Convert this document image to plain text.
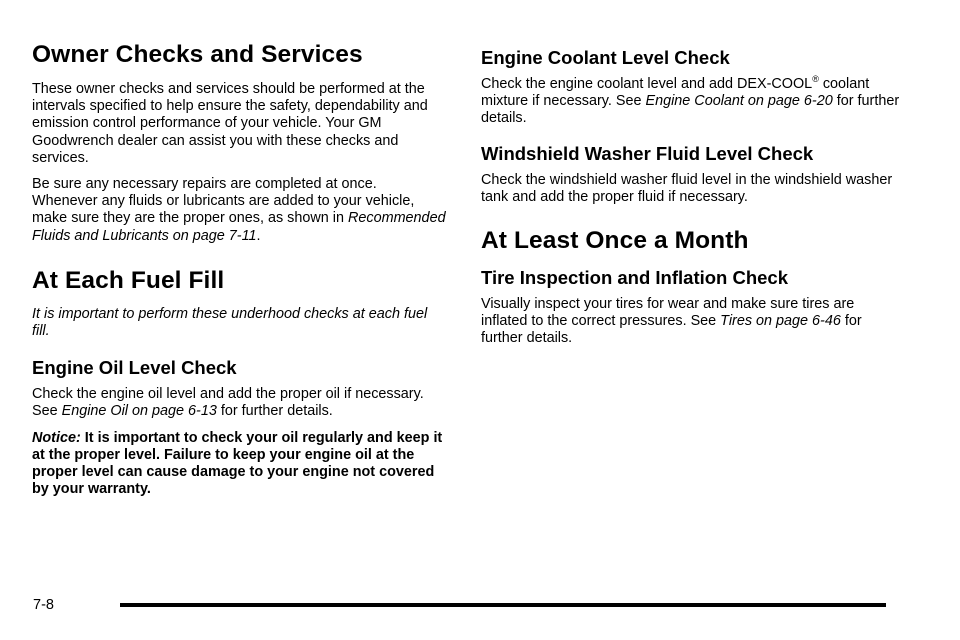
Owner Checks and Services

These owner checks and services should be performed at the intervals specified to help ensure the safety, dependability and emission control performance of your vehicle. Your GM Goodwrench dealer can assist you with these checks and services.

Be sure any necessary repairs are completed at once. Whenever any fluids or lubricants are added to your vehicle, make sure they are the proper ones, as shown in Recommended Fluids and Lubricants on page 7-11.

At Each Fuel Fill

It is important to perform these underhood checks at each fuel fill.

Engine Oil Level Check

Check the engine oil level and add the proper oil if necessary. See Engine Oil on page 6-13 for further details.

Notice: It is important to check your oil regularly and keep it at the proper level. Failure to keep your engine oil at the proper level can cause damage to your engine not covered by your warranty.

Engine Coolant Level Check

Check the engine coolant level and add DEX-COOL® coolant mixture if necessary. See Engine Coolant on page 6-20 for further details.

Windshield Washer Fluid Level Check

Check the windshield washer fluid level in the windshield washer tank and add the proper fluid if necessary.

At Least Once a Month
Tire Inspection and Inflation Check

Visually inspect your tires for wear and make sure tires are inflated to the correct pressures. See Tires on page 6-46 for further details.

7-8
